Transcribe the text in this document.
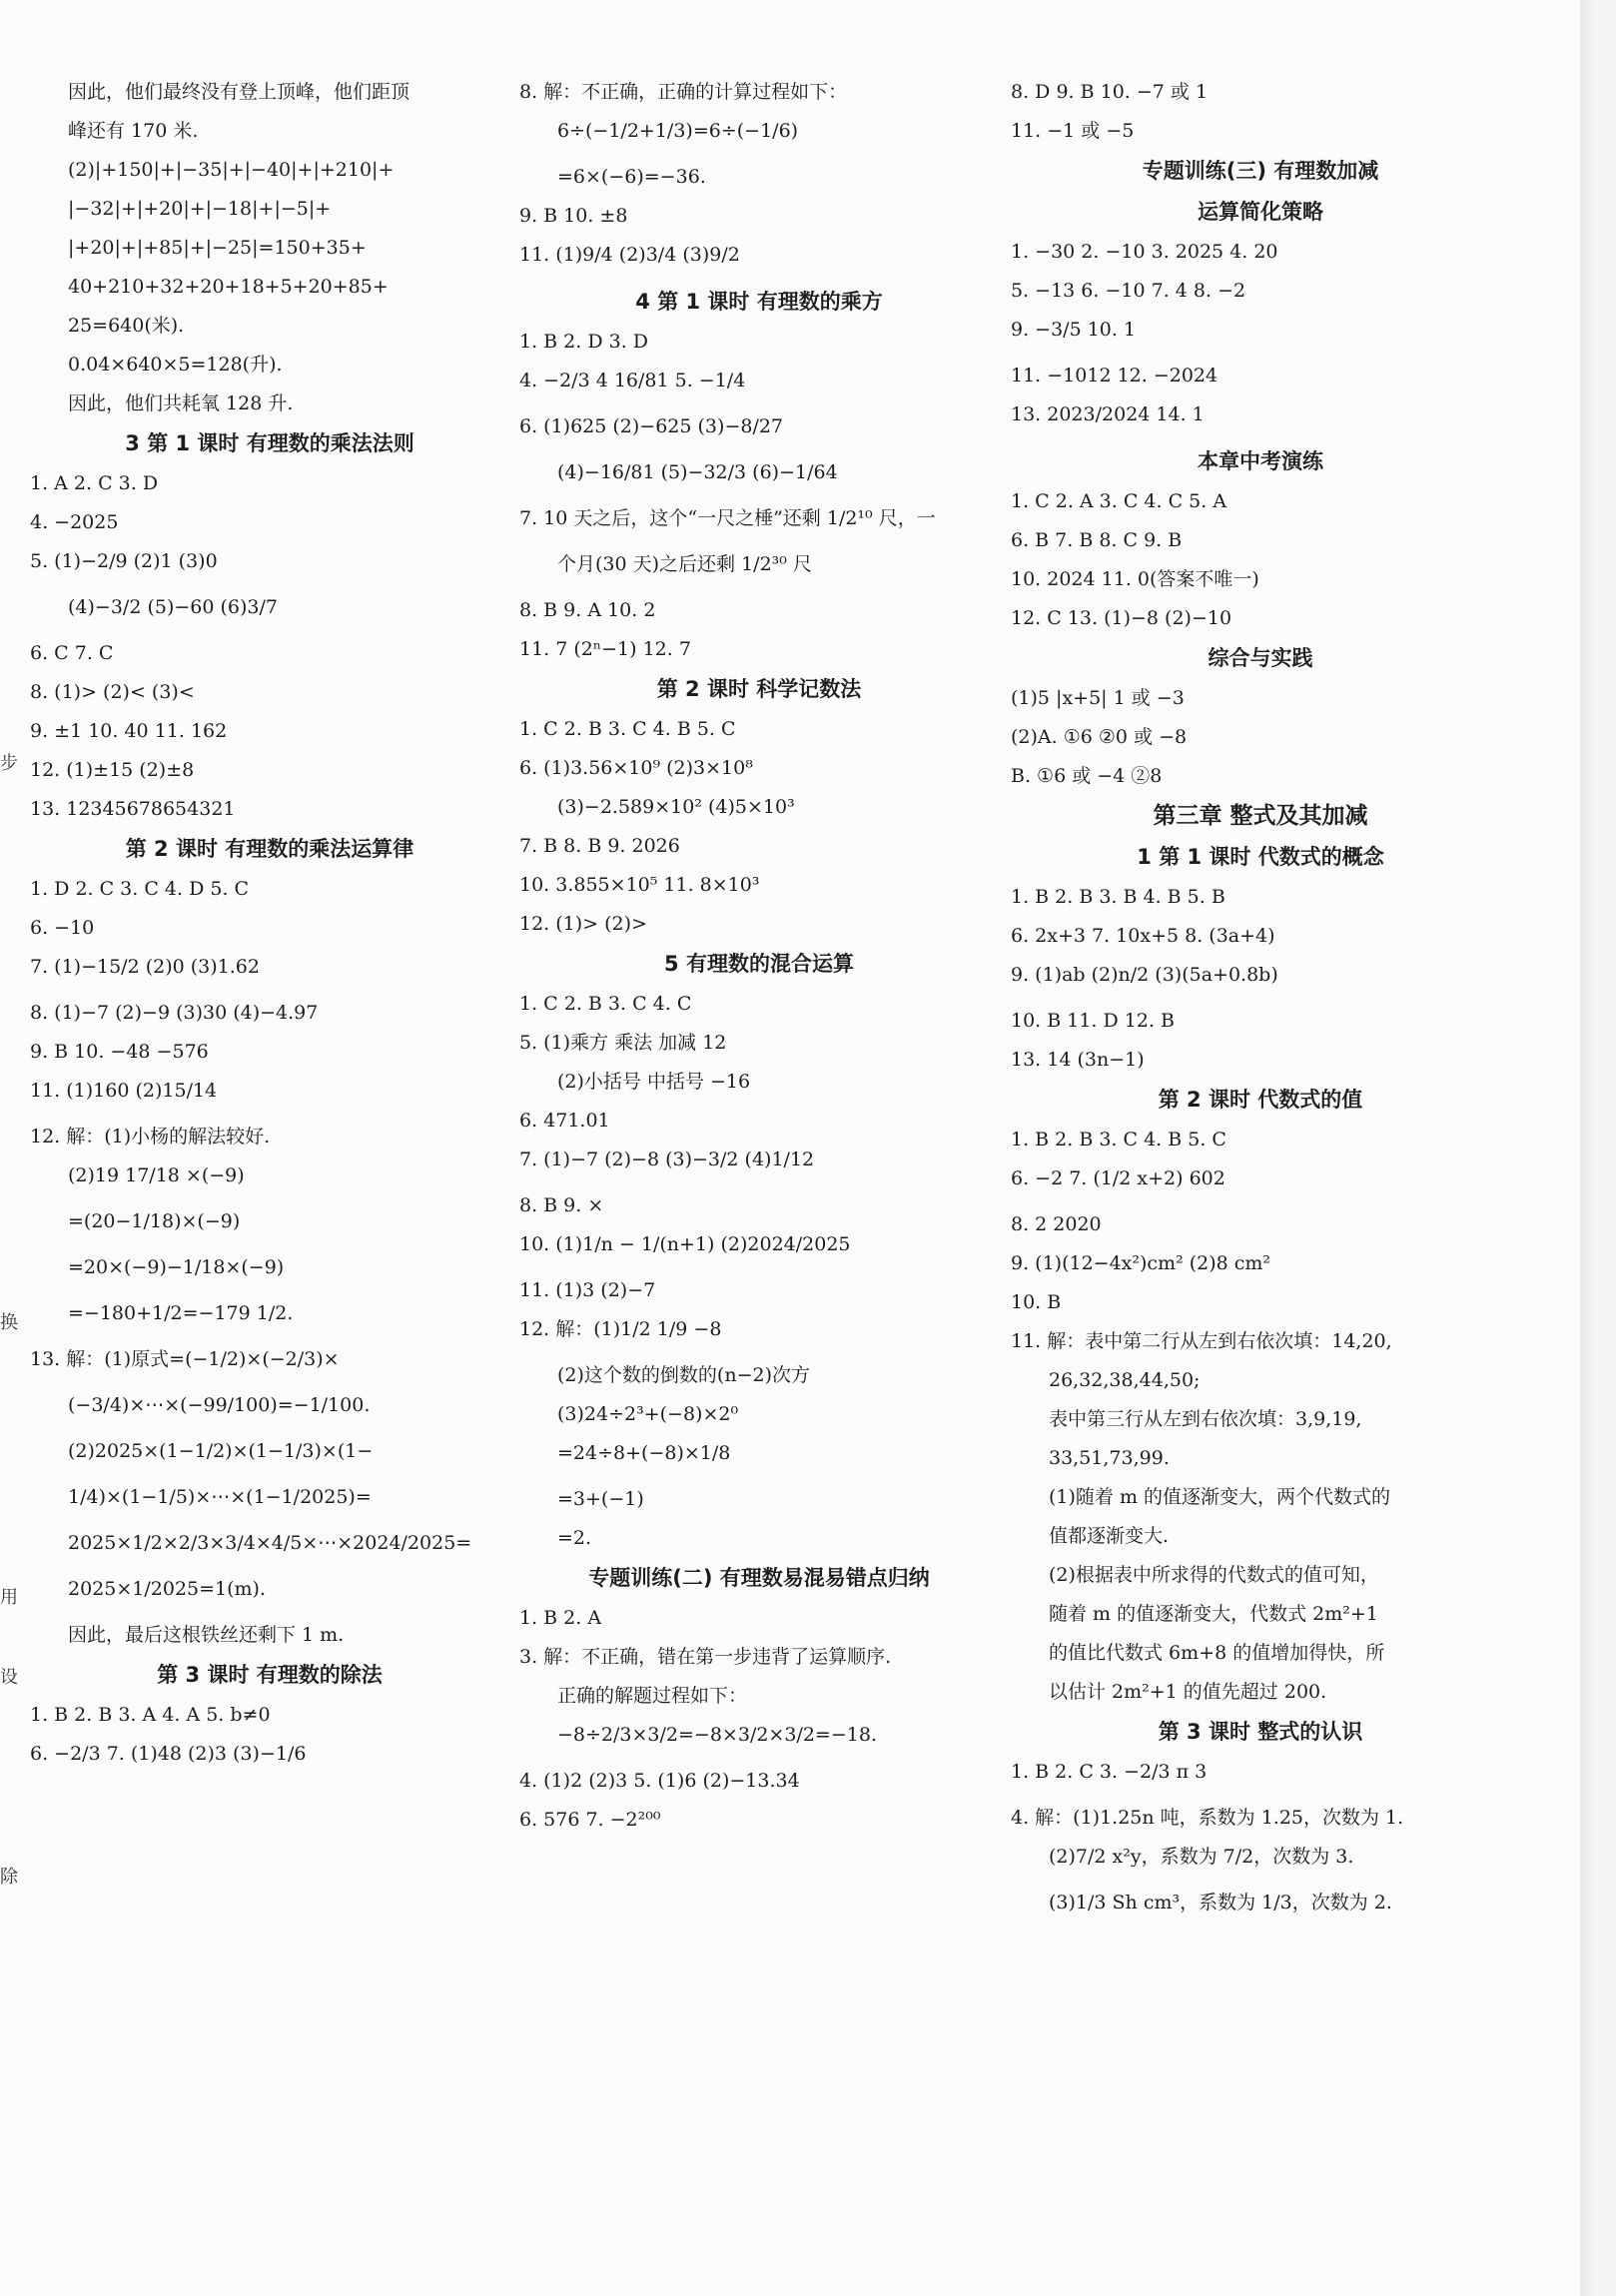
步
换
用
设
除
因此，他们最终没有登上顶峰，他们距顶
峰还有 170 米.
(2)|+150|+|−35|+|−40|+|+210|+
|−32|+|+20|+|−18|+|−5|+
|+20|+|+85|+|−25|=150+35+
40+210+32+20+18+5+20+85+
25=640(米).
0.04×640×5=128(升).
因此，他们共耗氧 128 升.
3 第 1 课时 有理数的乘法法则
1. A 2. C 3. D
4. −2025
5. (1)−2/9 (2)1 (3)0
(4)−3/2 (5)−60 (6)3/7
6. C 7. C
8. (1)> (2)< (3)<
9. ±1 10. 40 11. 162
12. (1)±15 (2)±8
13. 12345678654321
第 2 课时 有理数的乘法运算律
1. D 2. C 3. C 4. D 5. C
6. −10
7. (1)−15/2 (2)0 (3)1.62
8. (1)−7 (2)−9 (3)30 (4)−4.97
9. B 10. −48 −576
11. (1)160 (2)15/14
12. 解：(1)小杨的解法较好.
(2)19 17/18 ×(−9)
=(20−1/18)×(−9)
=20×(−9)−1/18×(−9)
=−180+1/2=−179 1/2.
13. 解：(1)原式=(−1/2)×(−2/3)×
(−3/4)×⋯×(−99/100)=−1/100.
(2)2025×(1−1/2)×(1−1/3)×(1−
1/4)×(1−1/5)×⋯×(1−1/2025)=
2025×1/2×2/3×3/4×4/5×⋯×2024/2025=
2025×1/2025=1(m).
因此，最后这根铁丝还剩下 1 m.
第 3 课时 有理数的除法
1. B 2. B 3. A 4. A 5. b≠0
6. −2/3 7. (1)48 (2)3 (3)−1/6
8. 解：不正确，正确的计算过程如下：
6÷(−1/2+1/3)=6÷(−1/6)
=6×(−6)=−36.
9. B 10. ±8
11. (1)9/4 (2)3/4 (3)9/2
4 第 1 课时 有理数的乘方
1. B 2. D 3. D
4. −2/3 4 16/81 5. −1/4
6. (1)625 (2)−625 (3)−8/27
(4)−16/81 (5)−32/3 (6)−1/64
7. 10 天之后，这个“一尺之棰”还剩 1/2¹⁰ 尺，一
个月(30 天)之后还剩 1/2³⁰ 尺
8. B 9. A 10. 2
11. 7 (2ⁿ−1) 12. 7
第 2 课时 科学记数法
1. C 2. B 3. C 4. B 5. C
6. (1)3.56×10⁹ (2)3×10⁸
(3)−2.589×10² (4)5×10³
7. B 8. B 9. 2026
10. 3.855×10⁵ 11. 8×10³
12. (1)> (2)>
5 有理数的混合运算
1. C 2. B 3. C 4. C
5. (1)乘方 乘法 加减 12
(2)小括号 中括号 −16
6. 471.01
7. (1)−7 (2)−8 (3)−3/2 (4)1/12
8. B 9. ×
10. (1)1/n − 1/(n+1) (2)2024/2025
11. (1)3 (2)−7
12. 解：(1)1/2 1/9 −8
(2)这个数的倒数的(n−2)次方
(3)24÷2³+(−8)×2⁰
=24÷8+(−8)×1/8
=3+(−1)
=2.
专题训练(二) 有理数易混易错点归纳
1. B 2. A
3. 解：不正确，错在第一步违背了运算顺序.
正确的解题过程如下：
−8÷2/3×3/2=−8×3/2×3/2=−18.
4. (1)2 (2)3 5. (1)6 (2)−13.34
6. 576 7. −2²⁰⁰
8. D 9. B 10. −7 或 1
11. −1 或 −5
专题训练(三) 有理数加减
运算简化策略
1. −30 2. −10 3. 2025 4. 20
5. −13 6. −10 7. 4 8. −2
9. −3/5 10. 1
11. −1012 12. −2024
13. 2023/2024 14. 1
本章中考演练
1. C 2. A 3. C 4. C 5. A
6. B 7. B 8. C 9. B
10. 2024 11. 0(答案不唯一)
12. C 13. (1)−8 (2)−10
综合与实践
(1)5 |x+5| 1 或 −3
(2)A. ①6 ②0 或 −8
B. ①6 或 −4 ②8
第三章 整式及其加减
1 第 1 课时 代数式的概念
1. B 2. B 3. B 4. B 5. B
6. 2x+3 7. 10x+5 8. (3a+4)
9. (1)ab (2)n/2 (3)(5a+0.8b)
10. B 11. D 12. B
13. 14 (3n−1)
第 2 课时 代数式的值
1. B 2. B 3. C 4. B 5. C
6. −2 7. (1/2 x+2) 602
8. 2 2020
9. (1)(12−4x²)cm² (2)8 cm²
10. B
11. 解：表中第二行从左到右依次填：14,20,
26,32,38,44,50;
表中第三行从左到右依次填：3,9,19,
33,51,73,99.
(1)随着 m 的值逐渐变大，两个代数式的
值都逐渐变大.
(2)根据表中所求得的代数式的值可知，
随着 m 的值逐渐变大，代数式 2m²+1
的值比代数式 6m+8 的值增加得快，所
以估计 2m²+1 的值先超过 200.
第 3 课时 整式的认识
1. B 2. C 3. −2/3 π 3
4. 解：(1)1.25n 吨，系数为 1.25，次数为 1.
(2)7/2 x²y，系数为 7/2，次数为 3.
(3)1/3 Sh cm³，系数为 1/3，次数为 2.
